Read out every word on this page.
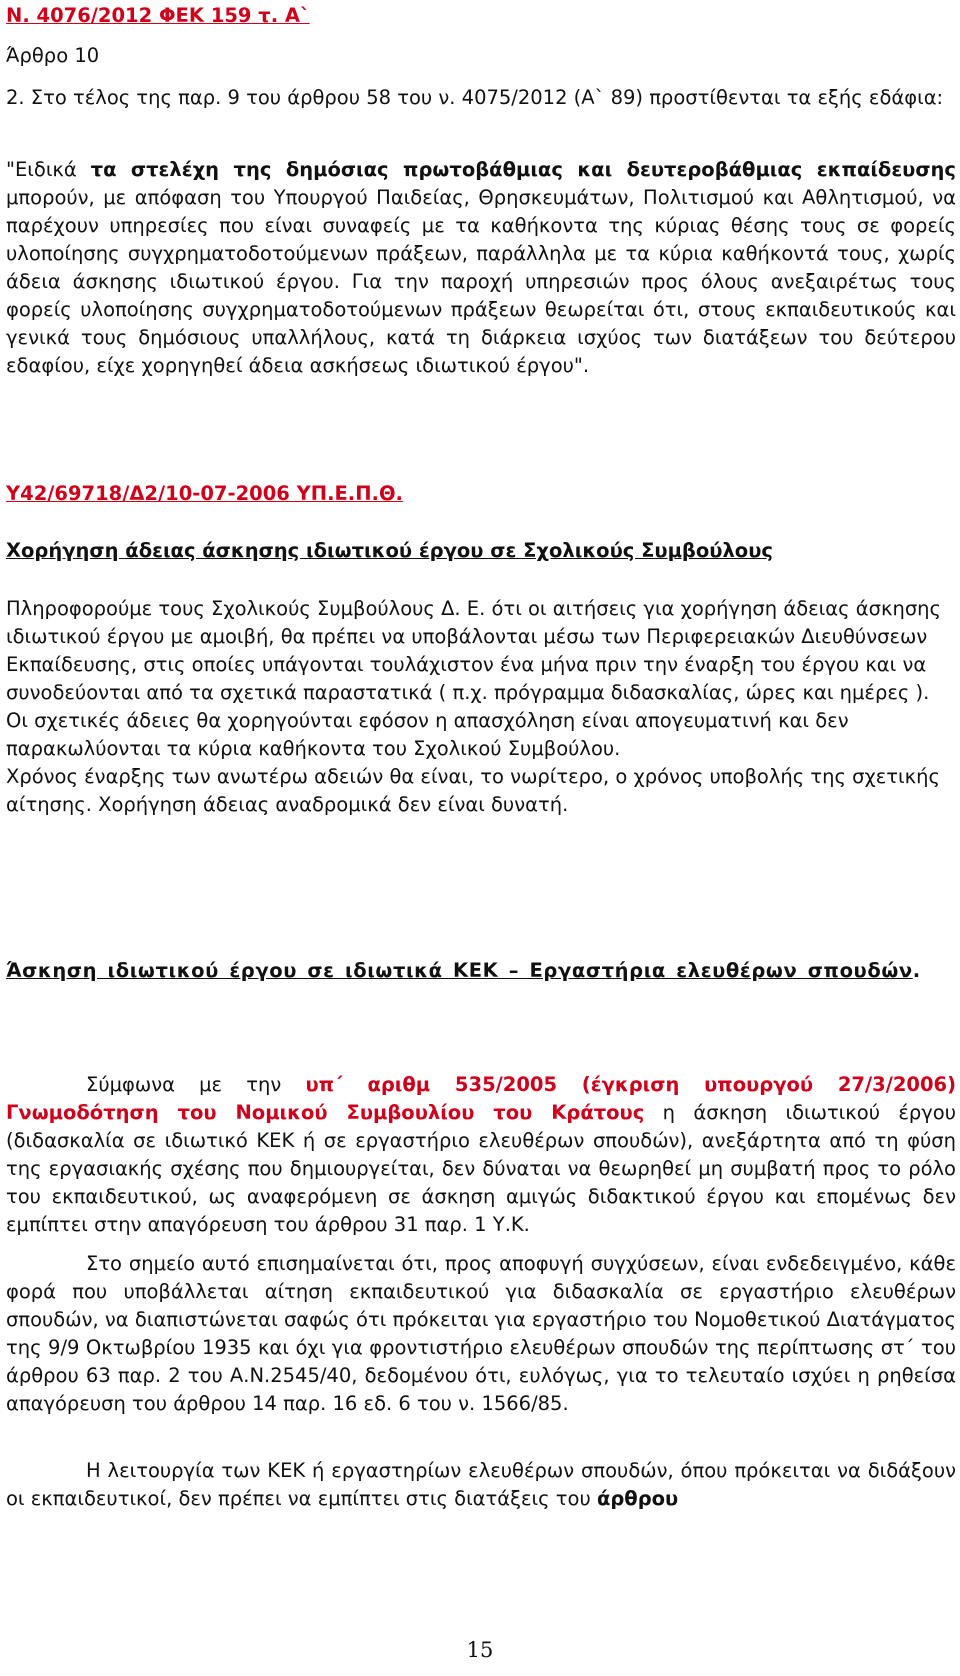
Ν. 4076/2012 ΦΕΚ 159 τ. Α`
Άρθρο 10
2. Στο τέλος της παρ. 9 του άρθρου 58 του ν. 4075/2012 (Α` 89) προστίθενται τα εξής εδάφια:
"Ειδικά τα στελέχη της δημόσιας πρωτοβάθμιας και δευτεροβάθμιας εκπαίδευσης μπορούν, με απόφαση του Υπουργού Παιδείας, Θρησκευμάτων, Πολιτισμού και Αθλητισμού, να παρέχουν υπηρεσίες που είναι συναφείς με τα καθήκοντα της κύριας θέσης τους σε φορείς υλοποίησης συγχρηματοδοτούμενων πράξεων, παράλληλα με τα κύρια καθήκοντά τους, χωρίς άδεια άσκησης ιδιωτικού έργου. Για την παροχή υπηρεσιών προς όλους ανεξαιρέτως τους φορείς υλοποίησης συγχρηματοδοτούμενων πράξεων θεωρείται ότι, στους εκπαιδευτικούς και γενικά τους δημόσιους υπαλλήλους, κατά τη διάρκεια ισχύος των διατάξεων του δεύτερου εδαφίου, είχε χορηγηθεί άδεια ασκήσεως ιδιωτικού έργου".
Υ42/69718/Δ2/10-07-2006 ΥΠ.Ε.Π.Θ.
Χορήγηση άδειας άσκησης ιδιωτικού έργου σε Σχολικούς Συμβούλους
Πληροφορούμε τους Σχολικούς Συμβούλους Δ. Ε. ότι οι αιτήσεις για χορήγηση άδειας άσκησης ιδιωτικού έργου με αμοιβή, θα πρέπει να υποβάλονται μέσω των Περιφερειακών Διευθύνσεων Εκπαίδευσης, στις οποίες υπάγονται τουλάχιστον ένα μήνα πριν την έναρξη του έργου και να συνοδεύονται από τα σχετικά παραστατικά ( π.χ. πρόγραμμα διδασκαλίας, ώρες και ημέρες ). Οι σχετικές άδειες θα χορηγούνται εφόσον η απασχόληση είναι απογευματινή και δεν παρακωλύονται τα κύρια καθήκοντα του Σχολικού Συμβούλου.
Χρόνος έναρξης των ανωτέρω αδειών θα είναι, το νωρίτερο, ο χρόνος υποβολής της σχετικής αίτησης. Χορήγηση άδειας αναδρομικά δεν είναι δυνατή.
Άσκηση ιδιωτικού έργου σε ιδιωτικά ΚΕΚ – Εργαστήρια ελευθέρων σπουδών.
Σύμφωνα με την υπ΄ αριθμ 535/2005 (έγκριση υπουργού 27/3/2006) Γνωμοδότηση του Νομικού Συμβουλίου του Κράτους η άσκηση ιδιωτικού έργου (διδασκαλία σε ιδιωτικό ΚΕΚ ή σε εργαστήριο ελευθέρων σπουδών), ανεξάρτητα από τη φύση της εργασιακής σχέσης που δημιουργείται, δεν δύναται να θεωρηθεί μη συμβατή προς το ρόλο του εκπαιδευτικού, ως αναφερόμενη σε άσκηση αμιγώς διδακτικού έργου και επομένως δεν εμπίπτει στην απαγόρευση του άρθρου 31 παρ. 1 Υ.Κ.
Στο σημείο αυτό επισημαίνεται ότι, προς αποφυγή συγχύσεων, είναι ενδεδειγμένο, κάθε φορά που υποβάλλεται αίτηση εκπαιδευτικού για διδασκαλία σε εργαστήριο ελευθέρων σπουδών, να διαπιστώνεται σαφώς ότι πρόκειται για εργαστήριο του Νομοθετικού Διατάγματος της 9/9 Οκτωβρίου 1935 και όχι για φροντιστήριο ελευθέρων σπουδών της περίπτωσης στ΄ του άρθρου 63 παρ. 2 του Α.Ν.2545/40, δεδομένου ότι, ευλόγως, για το τελευταίο ισχύει η ρηθείσα απαγόρευση του άρθρου 14 παρ. 16 εδ. 6 του ν. 1566/85.
Η λειτουργία των ΚΕΚ ή εργαστηρίων ελευθέρων σπουδών, όπου πρόκειται να διδάξουν οι εκπαιδευτικοί, δεν πρέπει να εμπίπτει στις διατάξεις του άρθρου
15
